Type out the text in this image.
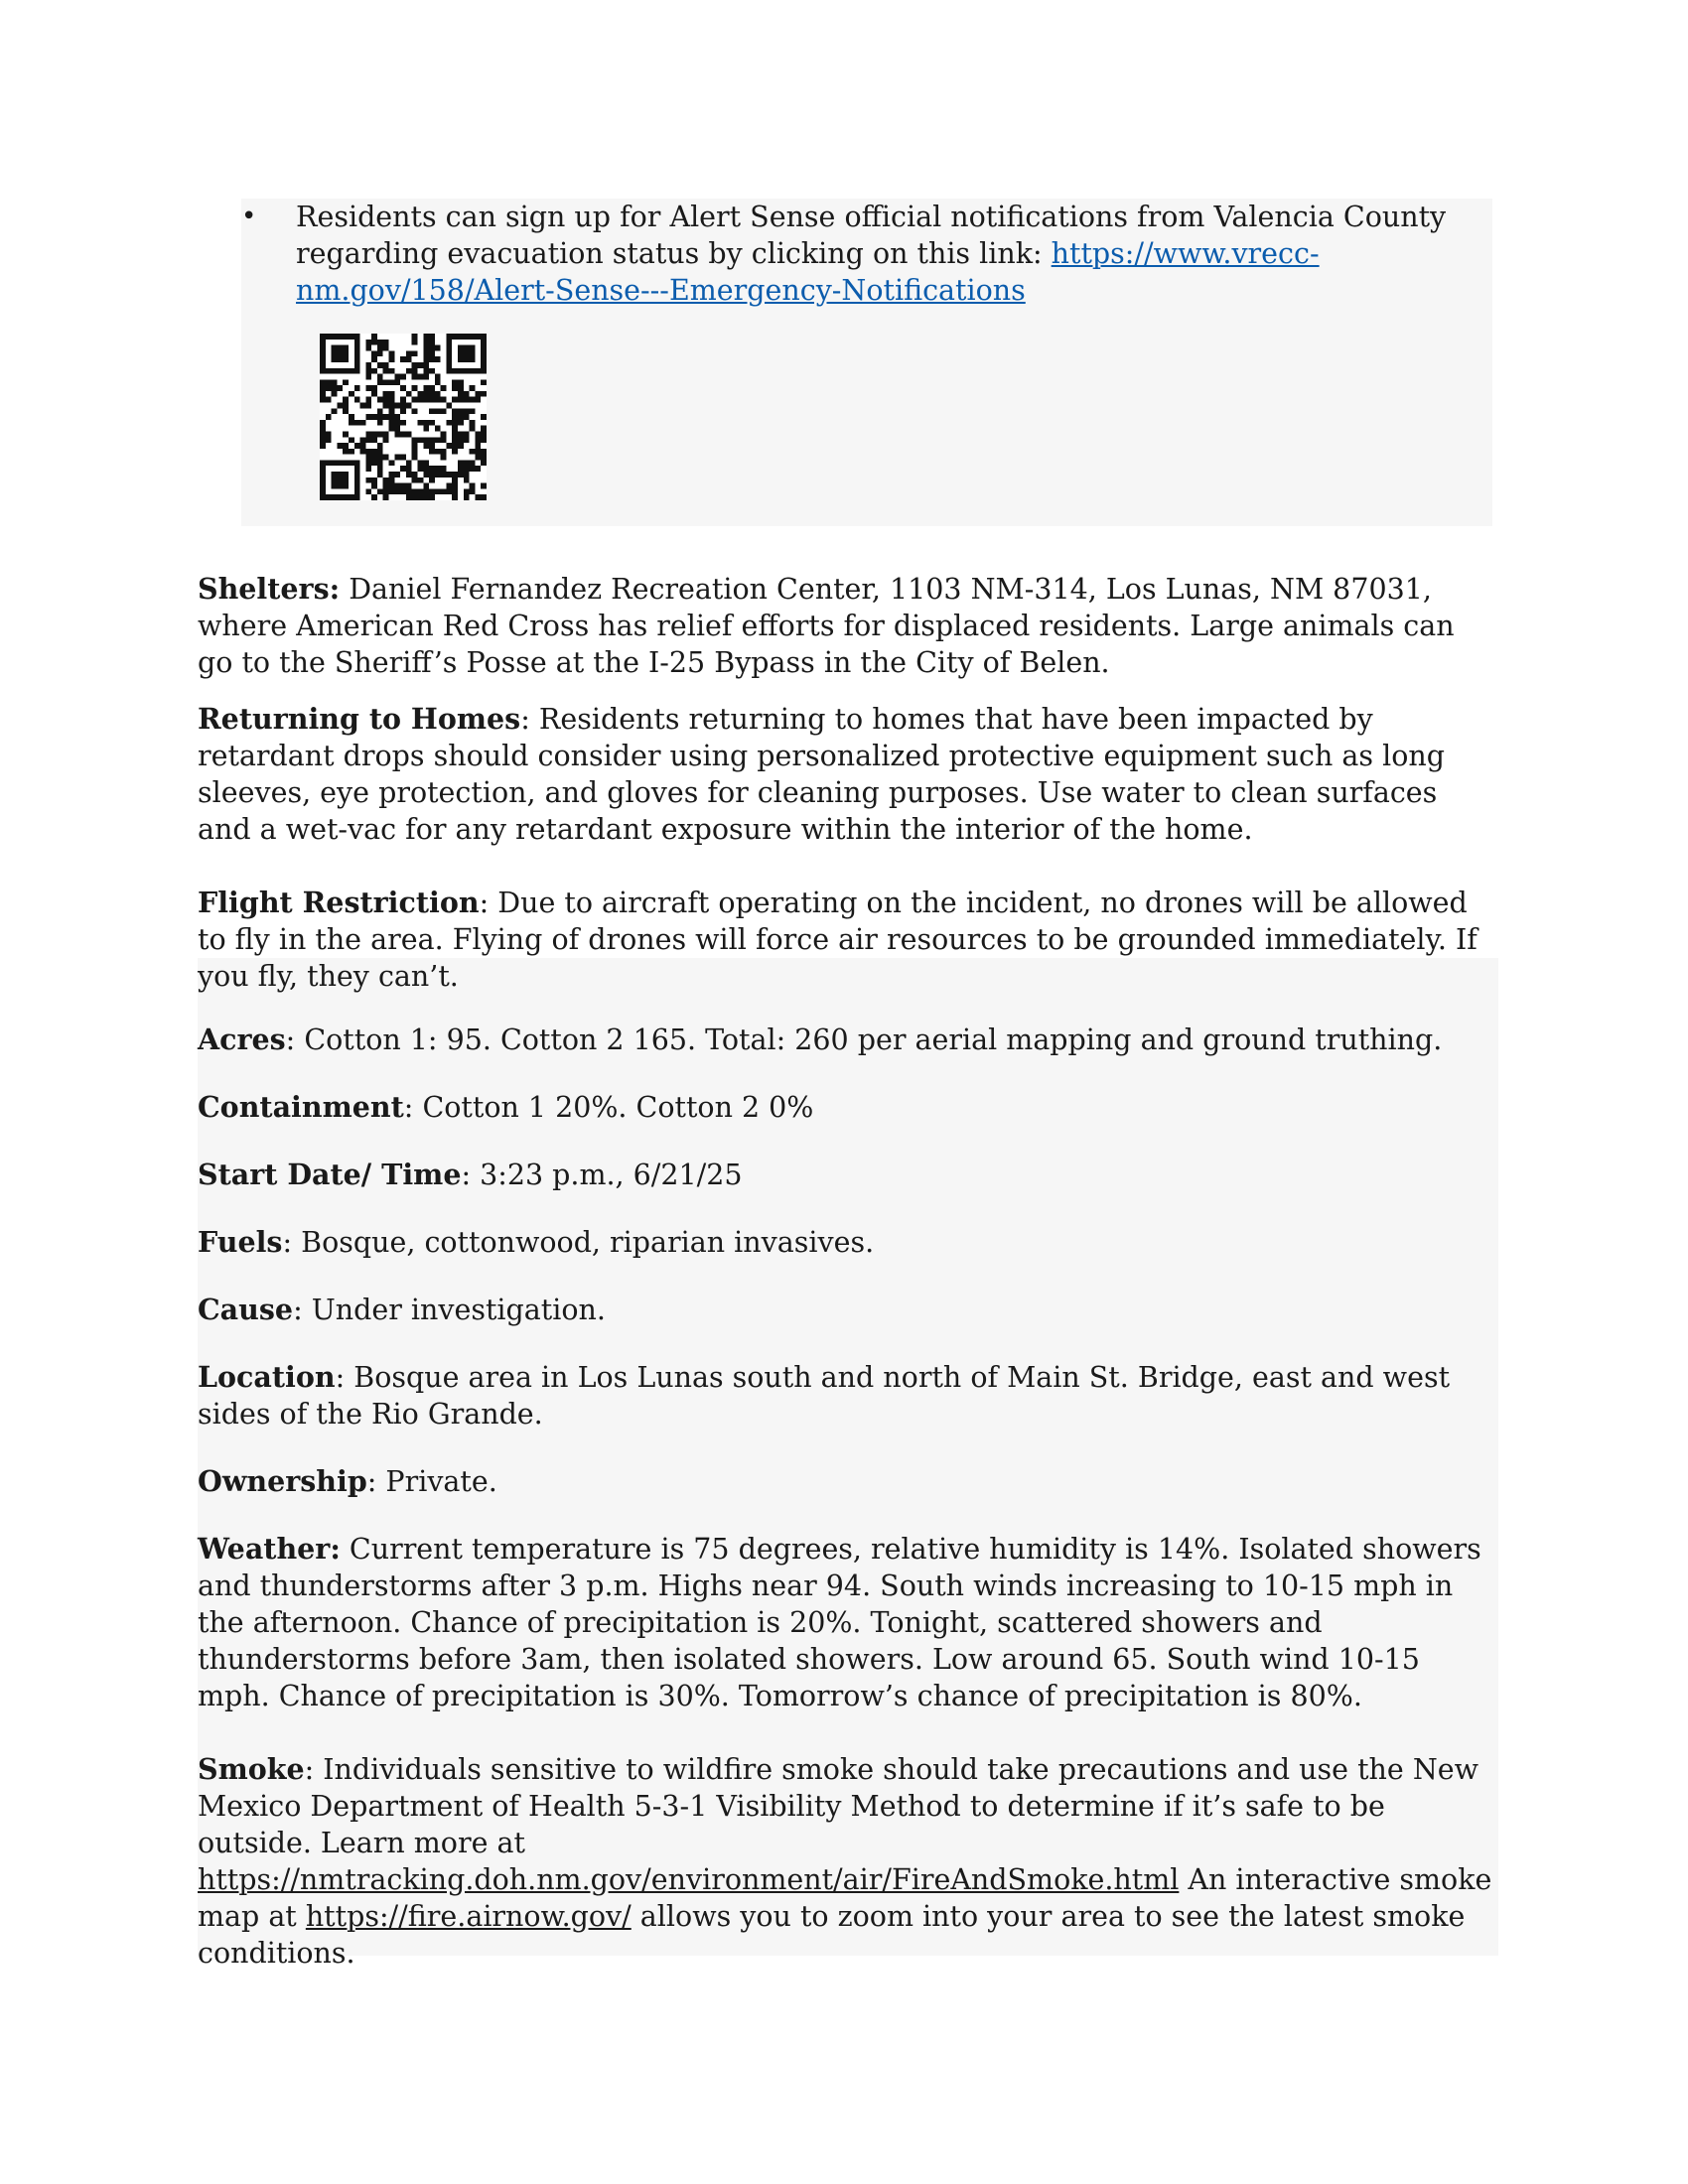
• Residents can sign up for Alert Sense official notifications from Valencia County regarding evacuation status by clicking on this link: https://www.vrecc-nm.gov/158/Alert-Sense---Emergency-Notifications

Shelters: Daniel Fernandez Recreation Center, 1103 NM-314, Los Lunas, NM 87031, where American Red Cross has relief efforts for displaced residents. Large animals can go to the Sheriff’s Posse at the I-25 Bypass in the City of Belen.

Returning to Homes: Residents returning to homes that have been impacted by retardant drops should consider using personalized protective equipment such as long sleeves, eye protection, and gloves for cleaning purposes. Use water to clean surfaces and a wet-vac for any retardant exposure within the interior of the home.

Flight Restriction: Due to aircraft operating on the incident, no drones will be allowed to fly in the area. Flying of drones will force air resources to be grounded immediately. If you fly, they can’t.

Acres: Cotton 1: 95. Cotton 2 165. Total: 260 per aerial mapping and ground truthing.

Containment: Cotton 1 20%. Cotton 2 0%

Start Date/ Time: 3:23 p.m., 6/21/25

Fuels: Bosque, cottonwood, riparian invasives.

Cause: Under investigation.

Location: Bosque area in Los Lunas south and north of Main St. Bridge, east and west sides of the Rio Grande.

Ownership: Private.

Weather: Current temperature is 75 degrees, relative humidity is 14%. Isolated showers and thunderstorms after 3 p.m. Highs near 94. South winds increasing to 10-15 mph in the afternoon. Chance of precipitation is 20%. Tonight, scattered showers and thunderstorms before 3am, then isolated showers. Low around 65. South wind 10-15 mph. Chance of precipitation is 30%. Tomorrow’s chance of precipitation is 80%.

Smoke: Individuals sensitive to wildfire smoke should take precautions and use the New Mexico Department of Health 5-3-1 Visibility Method to determine if it’s safe to be outside. Learn more at https://nmtracking.doh.nm.gov/environment/air/FireAndSmoke.html An interactive smoke map at https://fire.airnow.gov/ allows you to zoom into your area to see the latest smoke conditions.
